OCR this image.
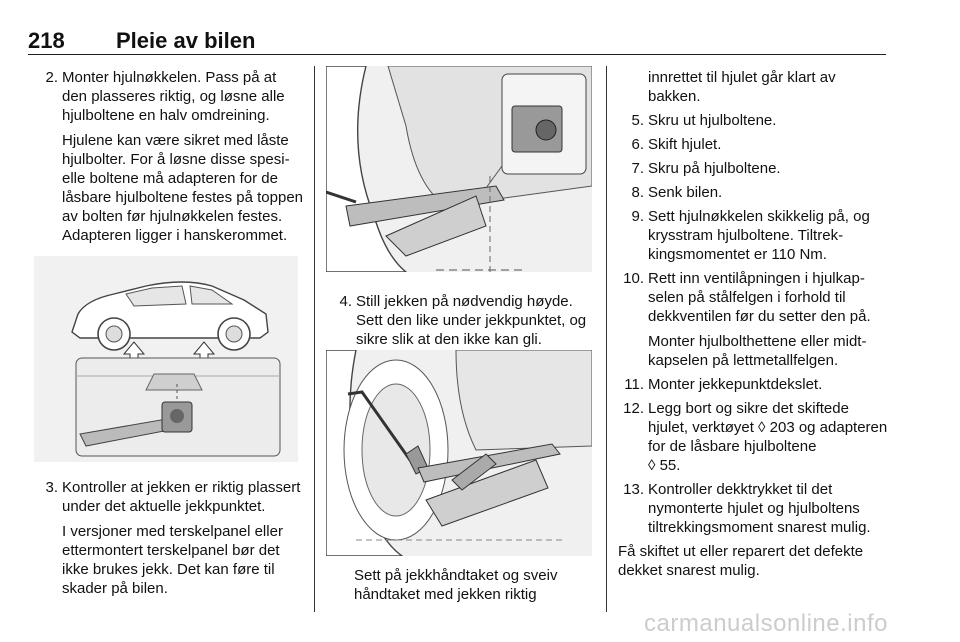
218 Pleie av bilen
2. Monter hjulnøkkelen. Pass på at den plasseres riktig, og løsne alle hjulboltene en halv omdreining.
Hjulene kan være sikret med låste hjulbolter. For å løsne disse spesielle boltene må adapteren for de låsbare hjulboltene festes på toppen av bolten før hjulnøkkelen festes. Adapteren ligger i hanskerommet.
3. Kontroller at jekken er riktig plassert under det aktuelle jekkpunktet.
I versjoner med terskelpanel eller ettermontert terskelpanel bør det ikke brukes jekk. Det kan føre til skader på bilen.
4. Still jekken på nødvendig høyde. Sett den like under jekkpunktet, og sikre slik at den ikke kan gli.
Sett på jekkhåndtaket og sveiv håndtaket med jekken riktig
innrettet til hjulet går klart av bakken.
5. Skru ut hjulboltene.
6. Skift hjulet.
7. Skru på hjulboltene.
8. Senk bilen.
9. Sett hjulnøkkelen skikkelig på, og krysstram hjulboltene. Tiltrekkingsmomentet er 110 Nm.
10. Rett inn ventilåpningen i hjulkapselen på stålfelgen i forhold til dekkventilen før du setter den på.
Monter hjulbolthettene eller midtkapselen på lettmetallfelgen.
11. Monter jekkepunktdekslet.
12. Legg bort og sikre det skiftede hjulet, verktøyet ◊ 203 og adapteren for de låsbare hjulboltene
◊ 55.
13. Kontroller dekktrykket til det nymonterte hjulet og hjulboltens tiltrekkingsmoment snarest mulig.
Få skiftet ut eller reparert det defekte dekket snarest mulig.
carmanualsonline.info
